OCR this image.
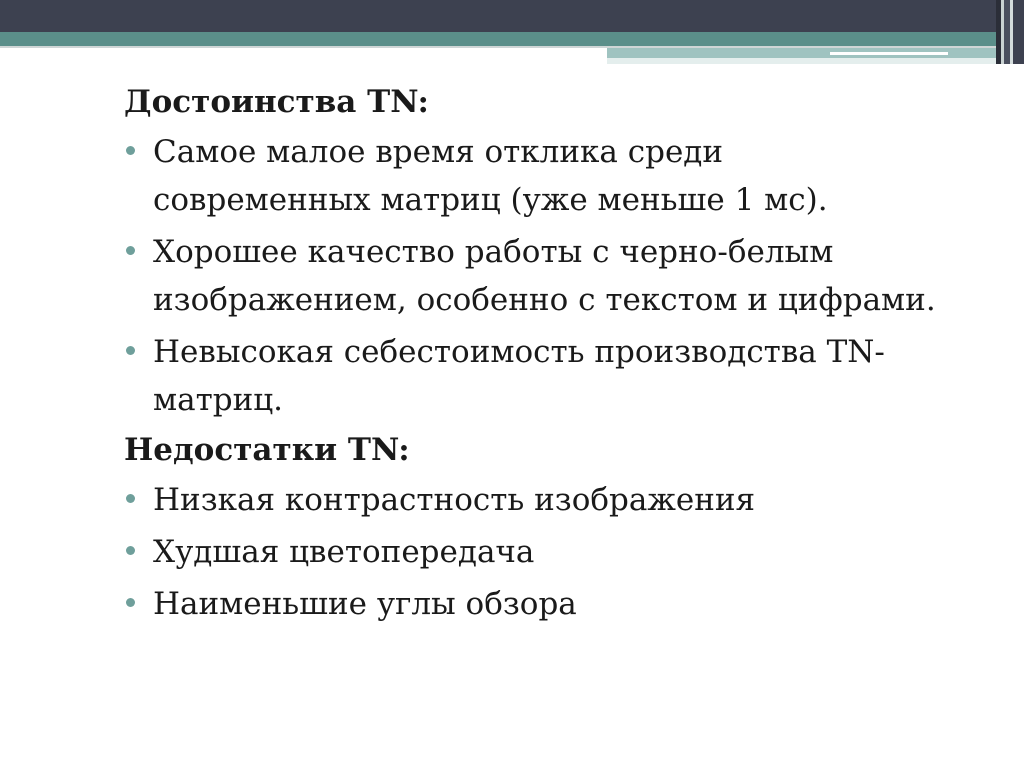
Достоинства TN:
Самое малое время отклика среди современных матриц (уже меньше 1 мс).
Хорошее качество работы с черно-белым изображением, особенно с текстом и цифрами.
Невысокая себестоимость производства TN-матриц.
Недостатки TN:
Низкая контрастность изображения
Худшая цветопередача
Наименьшие углы обзора
